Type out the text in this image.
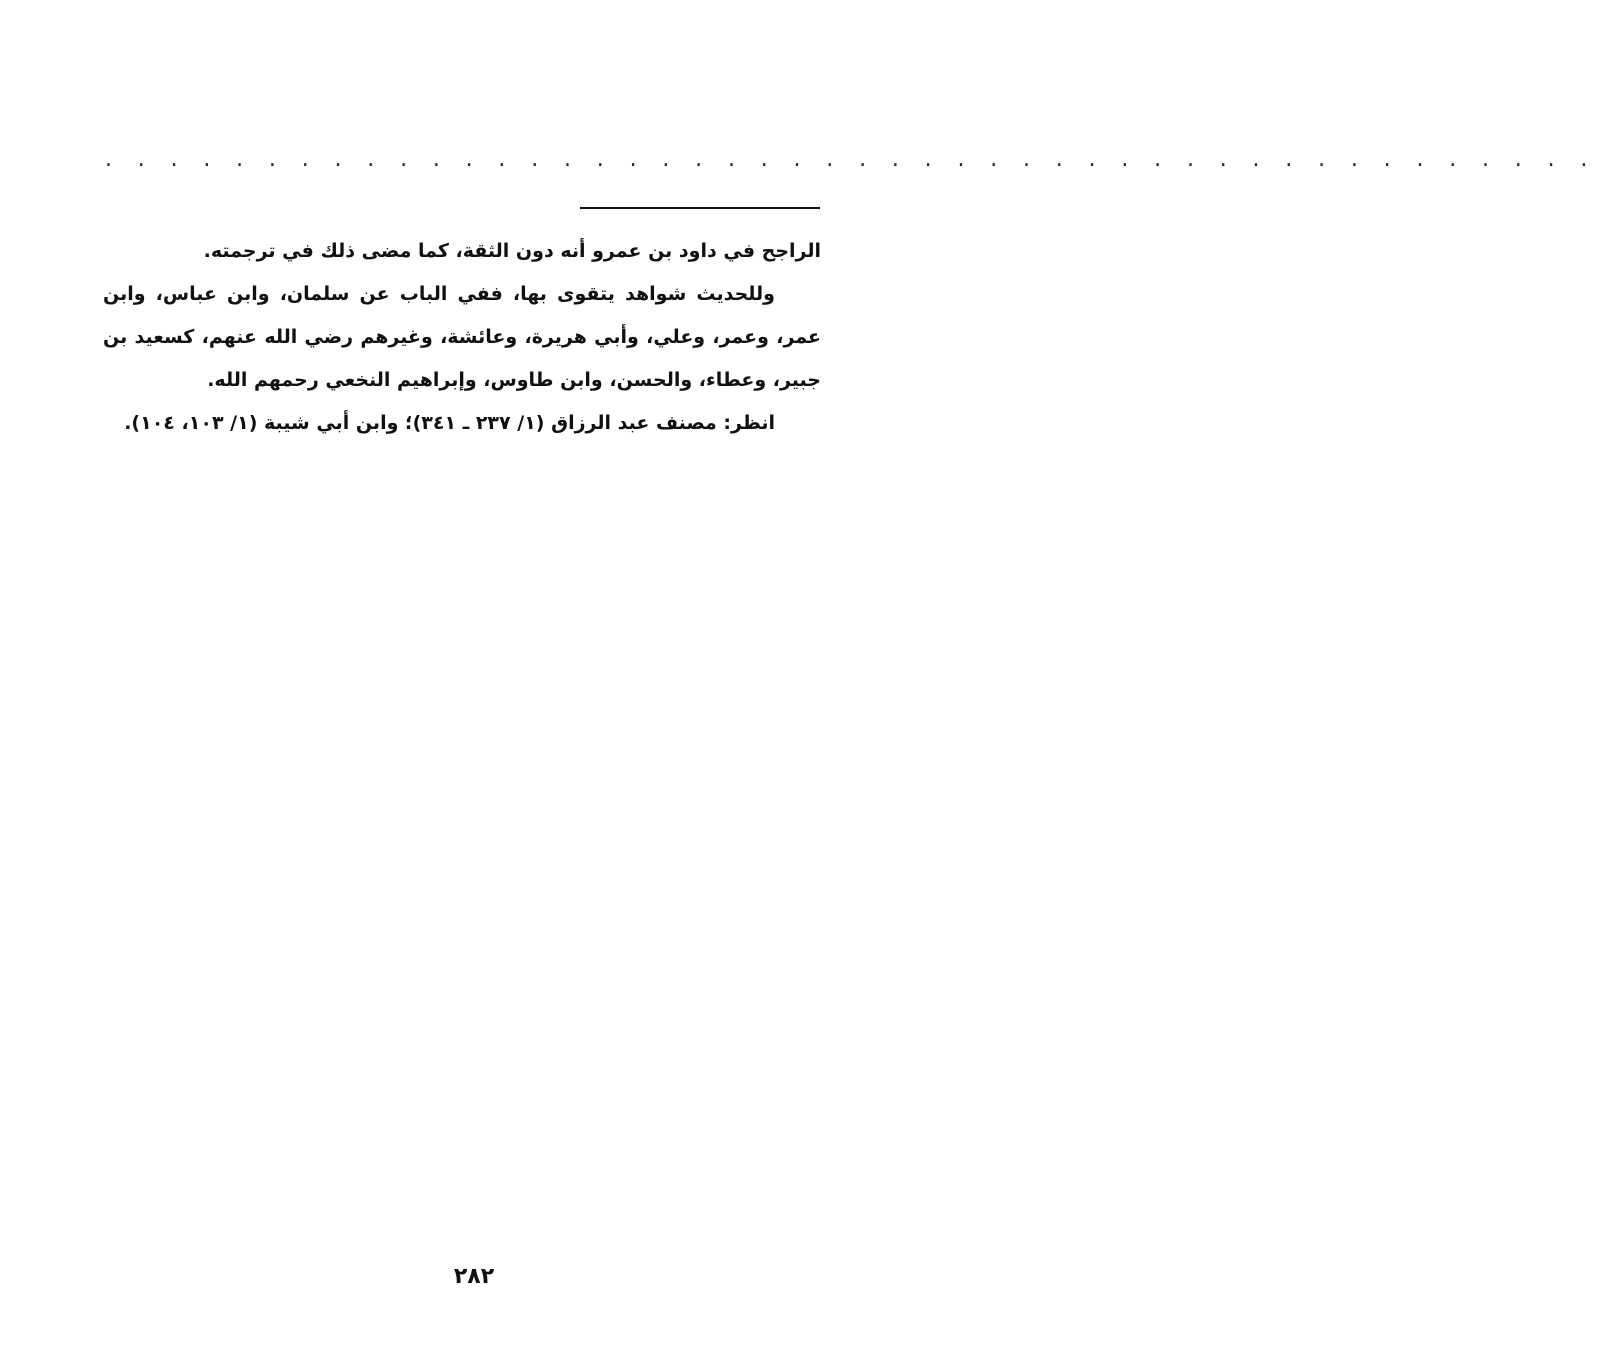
. . . . . . . . . . . . . . . . . . . . . . . . . . . . . . . . . . . . . . . . . . . . . .

الراجح في داود بن عمرو أنه دون الثقة، كما مضى ذلك في ترجمته.

وللحديث شواهد يتقوى بها، ففي الباب عن سلمان، وابن عباس، وابن عمر، وعمر، وعلي، وأبي هريرة، وعائشة، وغيرهم رضي الله عنهم، كسعيد بن جبير، وعطاء، والحسن، وابن طاوس، وإبراهيم النخعي رحمهم الله.

انظر: مصنف عبد الرزاق (١/ ٢٣٧ ـ ٣٤١)؛ وابن أبي شيبة (١/ ١٠٣، ١٠٤).

٢٨٢
